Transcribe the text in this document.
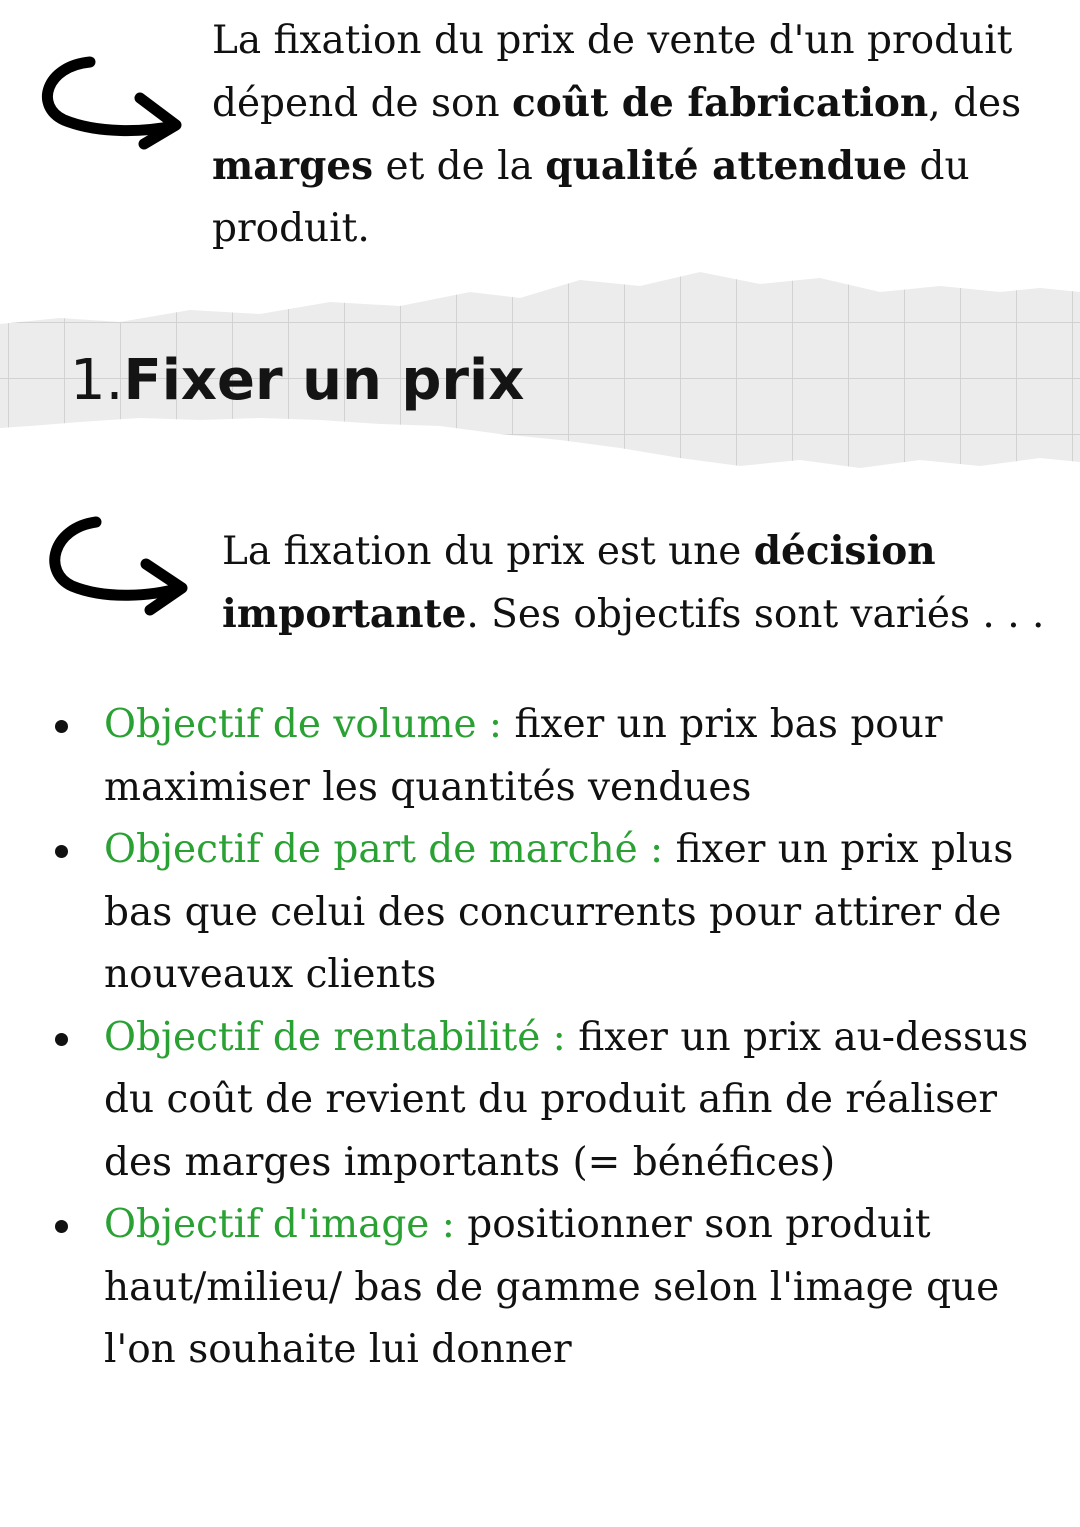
La fixation du prix de vente d'un produit dépend de son coût de fabrication, des marges et de la qualité attendue du produit.

1.Fixer un prix

La fixation du prix est une décision importante. Ses objectifs sont variés . . .

Objectif de volume : fixer un prix bas pour maximiser les quantités vendues
Objectif de part de marché : fixer un prix plus bas que celui des concurrents pour attirer de nouveaux clients
Objectif de rentabilité : fixer un prix au-dessus du coût de revient du produit afin de réaliser des marges importants (= bénéfices)
Objectif d'image : positionner son produit haut/milieu/ bas de gamme selon l'image que l'on souhaite lui donner
